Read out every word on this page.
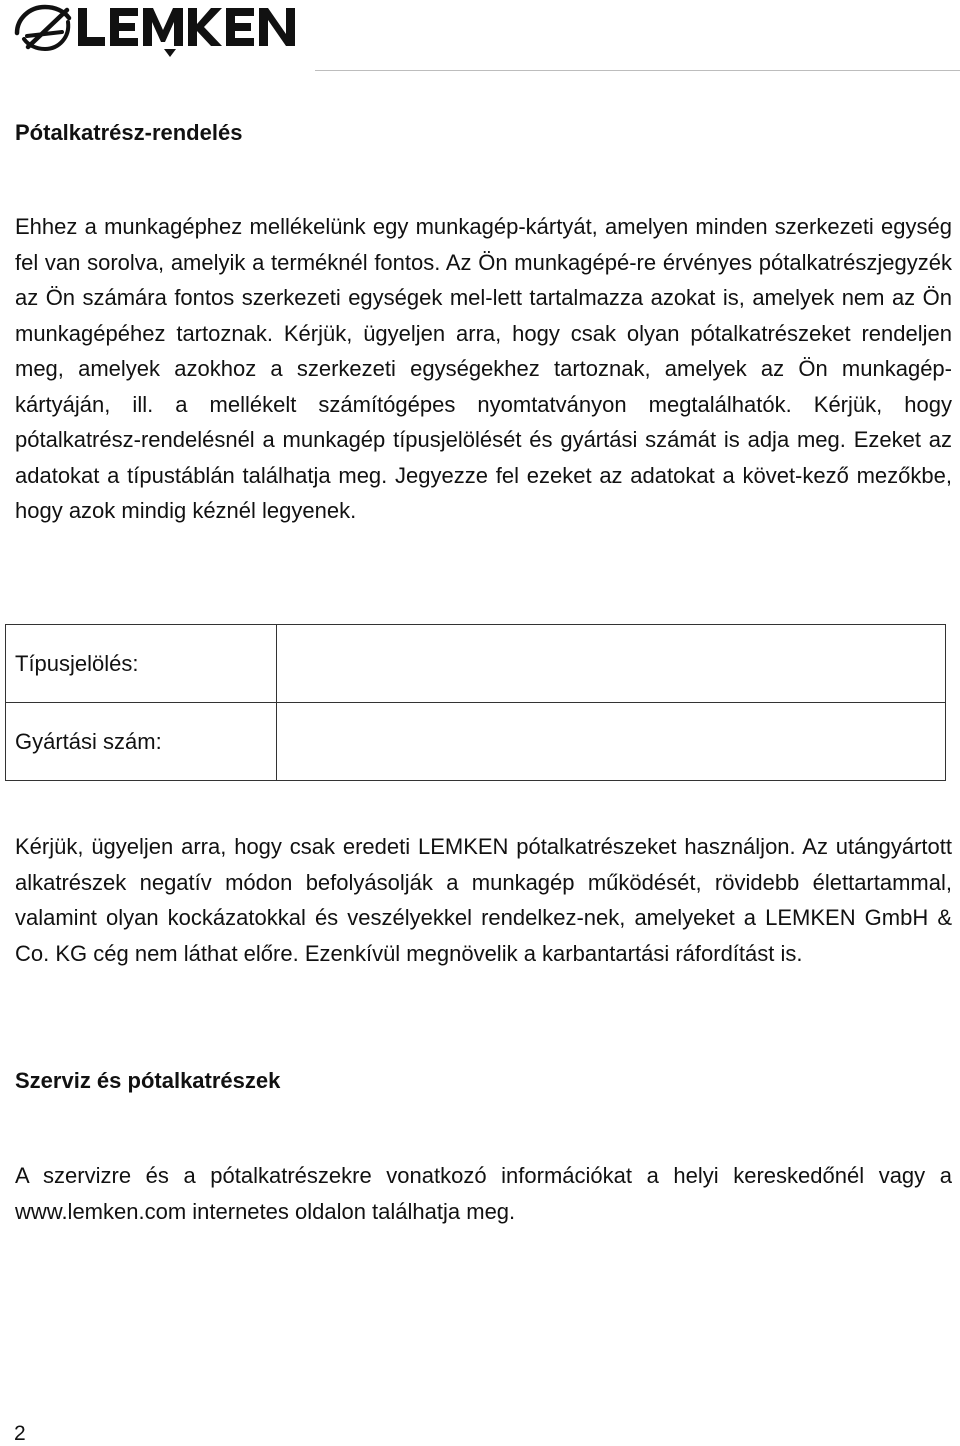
Pótalkatrész-rendelés

Ehhez a munkagéphez mellékelünk egy munkagép-kártyát, amelyen minden szerkezeti egység fel van sorolva, amelyik a terméknél fontos. Az Ön munkagépé-re érvényes pótalkatrészjegyzék az Ön számára fontos szerkezeti egységek mel-lett tartalmazza azokat is, amelyek nem az Ön munkagépéhez tartoznak. Kérjük, ügyeljen arra, hogy csak olyan pótalkatrészeket rendeljen meg, amelyek azokhoz a szerkezeti egységekhez tartoznak, amelyek az Ön munkagép-kártyáján, ill. a mellékelt számítógépes nyomtatványon megtalálhatók. Kérjük, hogy pótalkatrész-rendelésnél a munkagép típusjelölését és gyártási számát is adja meg. Ezeket az adatokat a típustáblán találhatja meg. Jegyezze fel ezeket az adatokat a követ-kező mezőkbe, hogy azok mindig kéznél legyenek.

Típusjelölés:	
Gyártási szám:	

Kérjük, ügyeljen arra, hogy csak eredeti LEMKEN pótalkatrészeket használjon. Az utángyártott alkatrészek negatív módon befolyásolják a munkagép működését, rövidebb élettartammal, valamint olyan kockázatokkal és veszélyekkel rendelkez-nek, amelyeket a LEMKEN GmbH & Co. KG cég nem láthat előre. Ezenkívül megnövelik a karbantartási ráfordítást is.

Szerviz és pótalkatrészek

A szervizre és a pótalkatrészekre vonatkozó információkat a helyi kereskedőnél vagy a www.lemken.com internetes oldalon találhatja meg.

2
